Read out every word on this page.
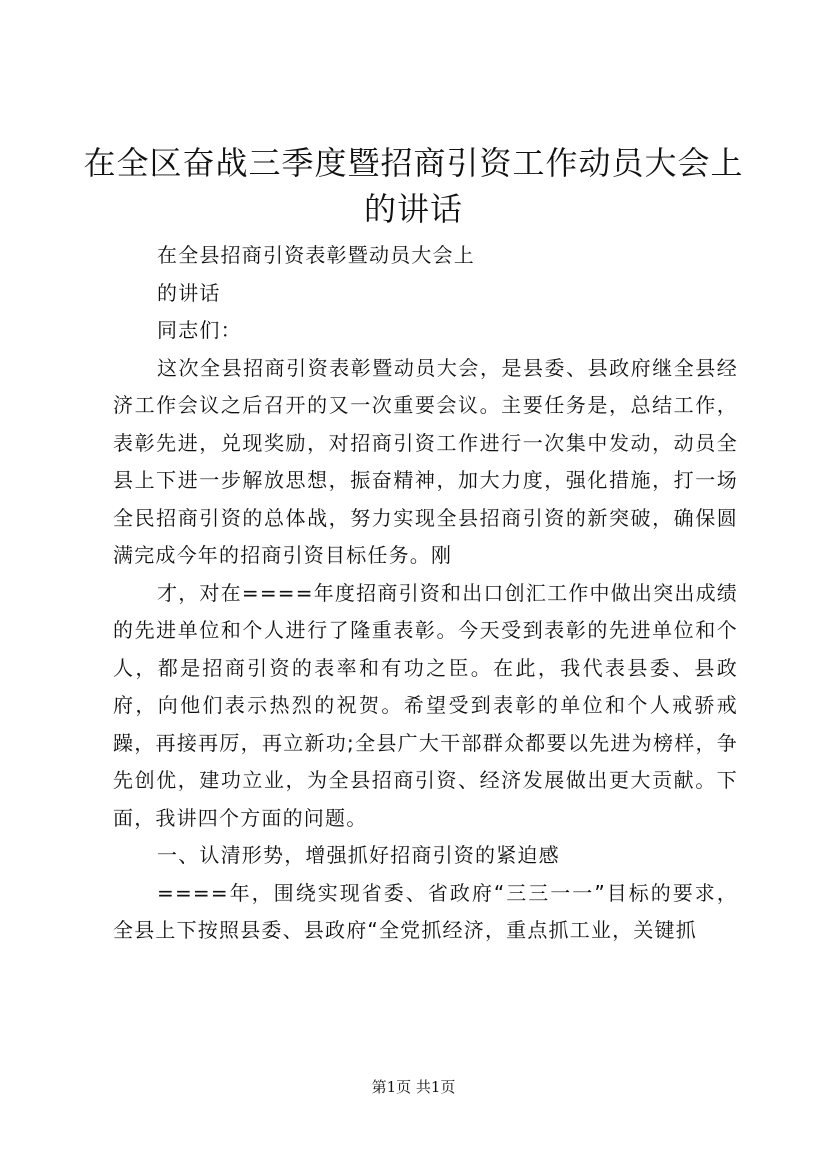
在全区奋战三季度暨招商引资工作动员大会上的讲话

在全县招商引资表彰暨动员大会上

的讲话

同志们：

这次全县招商引资表彰暨动员大会，是县委、县政府继全县经济工作会议之后召开的又一次重要会议。主要任务是，总结工作，表彰先进，兑现奖励，对招商引资工作进行一次集中发动，动员全县上下进一步解放思想，振奋精神，加大力度，强化措施，打一场全民招商引资的总体战，努力实现全县招商引资的新突破，确保圆满完成今年的招商引资目标任务。刚

才，对在====年度招商引资和出口创汇工作中做出突出成绩的先进单位和个人进行了隆重表彰。今天受到表彰的先进单位和个人，都是招商引资的表率和有功之臣。在此，我代表县委、县政府，向他们表示热烈的祝贺。希望受到表彰的单位和个人戒骄戒躁，再接再厉，再立新功;全县广大干部群众都要以先进为榜样，争先创优，建功立业，为全县招商引资、经济发展做出更大贡献。下面，我讲四个方面的问题。

一、认清形势，增强抓好招商引资的紧迫感

====年，围绕实现省委、省政府“三三一一”目标的要求，全县上下按照县委、县政府“全党抓经济，重点抓工业，关键抓

第1页 共1页
